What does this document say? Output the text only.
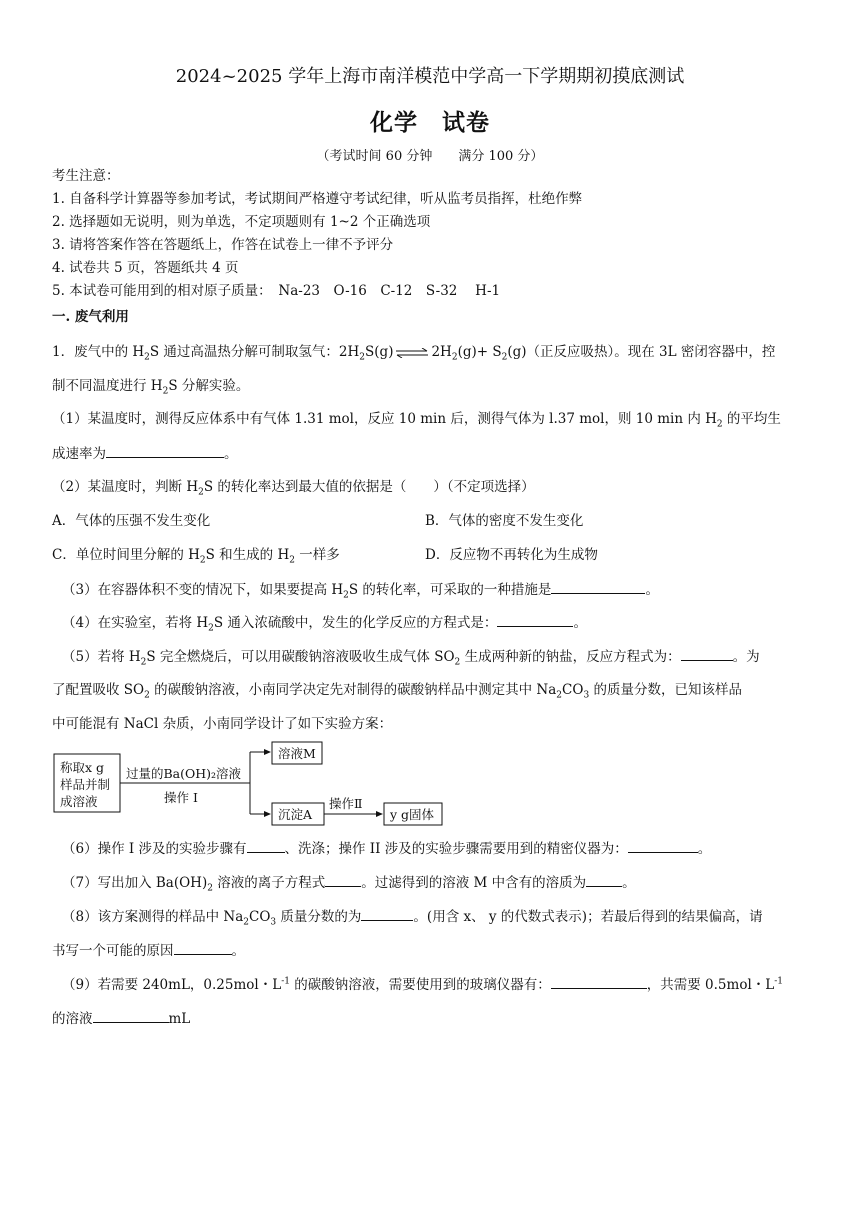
2024~2025 学年上海市南洋模范中学高一下学期期初摸底测试
化学　试卷
（考试时间 60 分钟　　满分 100 分）
考生注意：
1. 自备科学计算器等参加考试，考试期间严格遵守考试纪律，听从监考员指挥，杜绝作弊
2. 选择题如无说明，则为单选，不定项题则有 1~2 个正确选项
3. 请将答案作答在答题纸上，作答在试卷上一律不予评分
4. 试卷共 5 页，答题纸共 4 页
5. 本试卷可能用到的相对原子质量：　Na-23　O-16　C-12　S-32　 H-1
一. 废气利用
1．废气中的 $H_2S$ 通过高温热分解可制取氢气：$2H_2S(g)$ ⇌ $2H_2(g)+ S_2(g)$（正反应吸热）。现在 3L 密闭容器中，控
制不同温度进行 $H_2S$ 分解实验。
（1）某温度时，测得反应体系中有气体 1.31 mol，反应 10 min 后，测得气体为 l.37 mol，则 10 min 内 $H_2$ 的平均生
成速率为	。
（2）某温度时，判断 $H_2S$ 的转化率达到最大值的依据是（　　）（不定项选择）
A．气体的压强不发生变化	B．气体的密度不发生变化
C．单位时间里分解的 $H_2S$ 和生成的 $H_2$ 一样多	D．反应物不再转化为生成物
（3）在容器体积不变的情况下，如果要提高 $H_2S$ 的转化率，可采取的一种措施是	。
（4）在实验室，若将 $H_2S$ 通入浓硫酸中，发生的化学反应的方程式是：	。
（5）若将 $H_2S$ 完全燃烧后，可以用碳酸钠溶液吸收生成气体 $SO_2$ 生成两种新的钠盐，反应方程式为：	。为
了配置吸收 $SO_2$ 的碳酸钠溶液，小南同学决定先对制得的碳酸钠样品中测定其中 $Na_2CO_3$ 的质量分数，已知该样品
中可能混有 NaCl 杂质，小南同学设计了如下实验方案：
称取x g
样品并制
成溶液
过量的Ba(OH)₂溶液
操作 I
溶液M
沉淀A
操作Ⅱ
y g固体
（6）操作 I 涉及的实验步骤有	、洗涤；操作 II 涉及的实验步骤需要用到的精密仪器为：	。
（7）写出加入 $Ba(OH)_2$ 溶液的离子方程式	。过滤得到的溶液 M 中含有的溶质为	。
（8）该方案测得的样品中 $Na_2CO_3$ 质量分数的为	。(用含 x、 y 的代数式表示)；若最后得到的结果偏高，请
书写一个可能的原因	。
（9）若需要 240mL，0.25mol・$L^{-1}$ 的碳酸钠溶液，需要使用到的玻璃仪器有：	，共需要 0.5mol・$L^{-1}$
的溶液	mL
